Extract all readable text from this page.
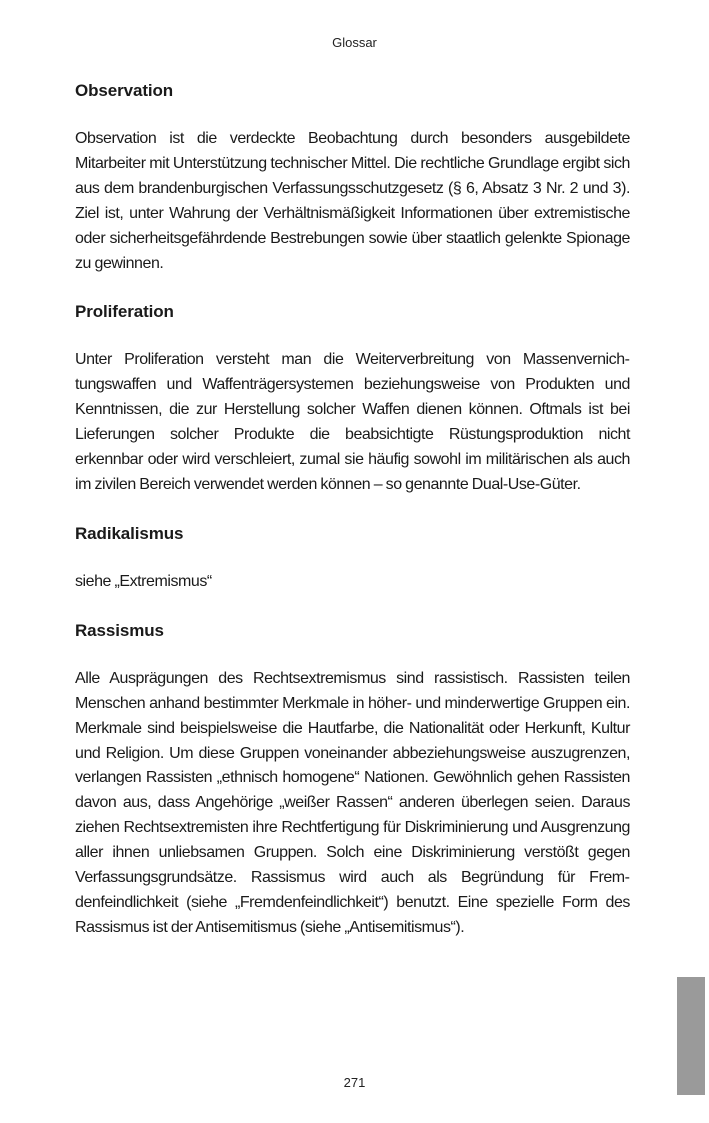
Glossar

Observation

Observation ist die verdeckte Beobachtung durch besonders ausgebildete Mitarbeiter mit Unterstützung technischer Mittel. Die rechtliche Grundlage ergibt sich aus dem brandenburgischen Verfassungsschutzgesetz (§ 6, Absatz 3 Nr. 2 und 3). Ziel ist, unter Wahrung der Verhältnismäßigkeit Informationen über extremistische oder sicherheitsgefährdende Bestrebungen sowie über staatlich gelenkte Spionage zu gewinnen.

Proliferation

Unter Proliferation versteht man die Weiterverbreitung von Massenvernichtungswaffen und Waffenträgersystemen beziehungsweise von Produkten und Kenntnissen, die zur Herstellung solcher Waffen dienen können. Oftmals ist bei Lieferungen solcher Produkte die beabsichtigte Rüstungsproduktion nicht erkennbar oder wird verschleiert, zumal sie häufig sowohl im militärischen als auch im zivilen Bereich verwendet werden können – so genannte Dual-Use-Güter.

Radikalismus

siehe „Extremismus“

Rassismus

Alle Ausprägungen des Rechtsextremismus sind rassistisch. Rassisten teilen Menschen anhand bestimmter Merkmale in höher- und minderwertige Gruppen ein. Merkmale sind beispielsweise die Hautfarbe, die Nationalität oder Herkunft, Kultur und Religion. Um diese Gruppen voneinander abbeziehungsweise auszugrenzen, verlangen Rassisten „ethnisch homogene“ Nationen. Gewöhnlich gehen Rassisten davon aus, dass Angehörige „weißer Rassen“ anderen überlegen seien. Daraus ziehen Rechtsextremisten ihre Rechtfertigung für Diskriminierung und Ausgrenzung aller ihnen unliebsamen Gruppen. Solch eine Diskriminierung verstößt gegen Verfassungsgrundsätze. Rassismus wird auch als Begründung für Fremdenfeindlichkeit (siehe „Fremdenfeindlichkeit“) benutzt. Eine spezielle Form des Rassismus ist der Antisemitismus (siehe „Antisemitismus“).

271
